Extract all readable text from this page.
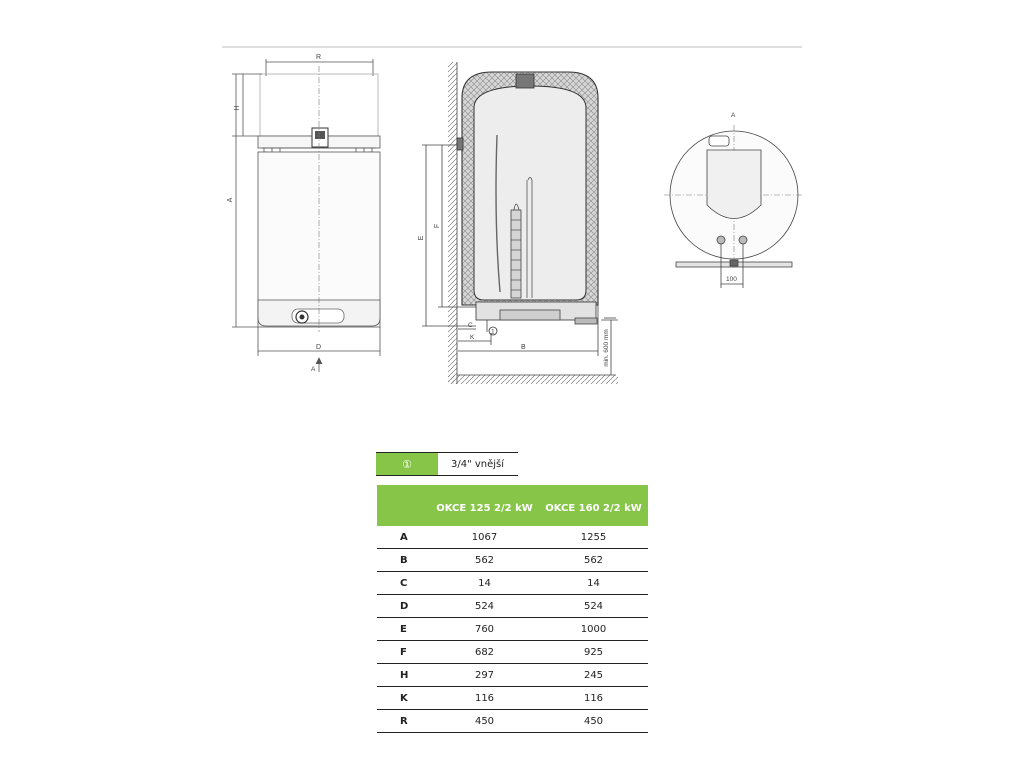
R
H
A
D
A
E
F
C
K
B
1	min. 600 mm
A
100
①	3/4" vnější
	OKCE 125 2/2 kW	OKCE 160 2/2 kW
A	1067	1255
B	562	562
C	14	14
D	524	524
E	760	1000
F	682	925
H	297	245
K	116	116
R	450	450
